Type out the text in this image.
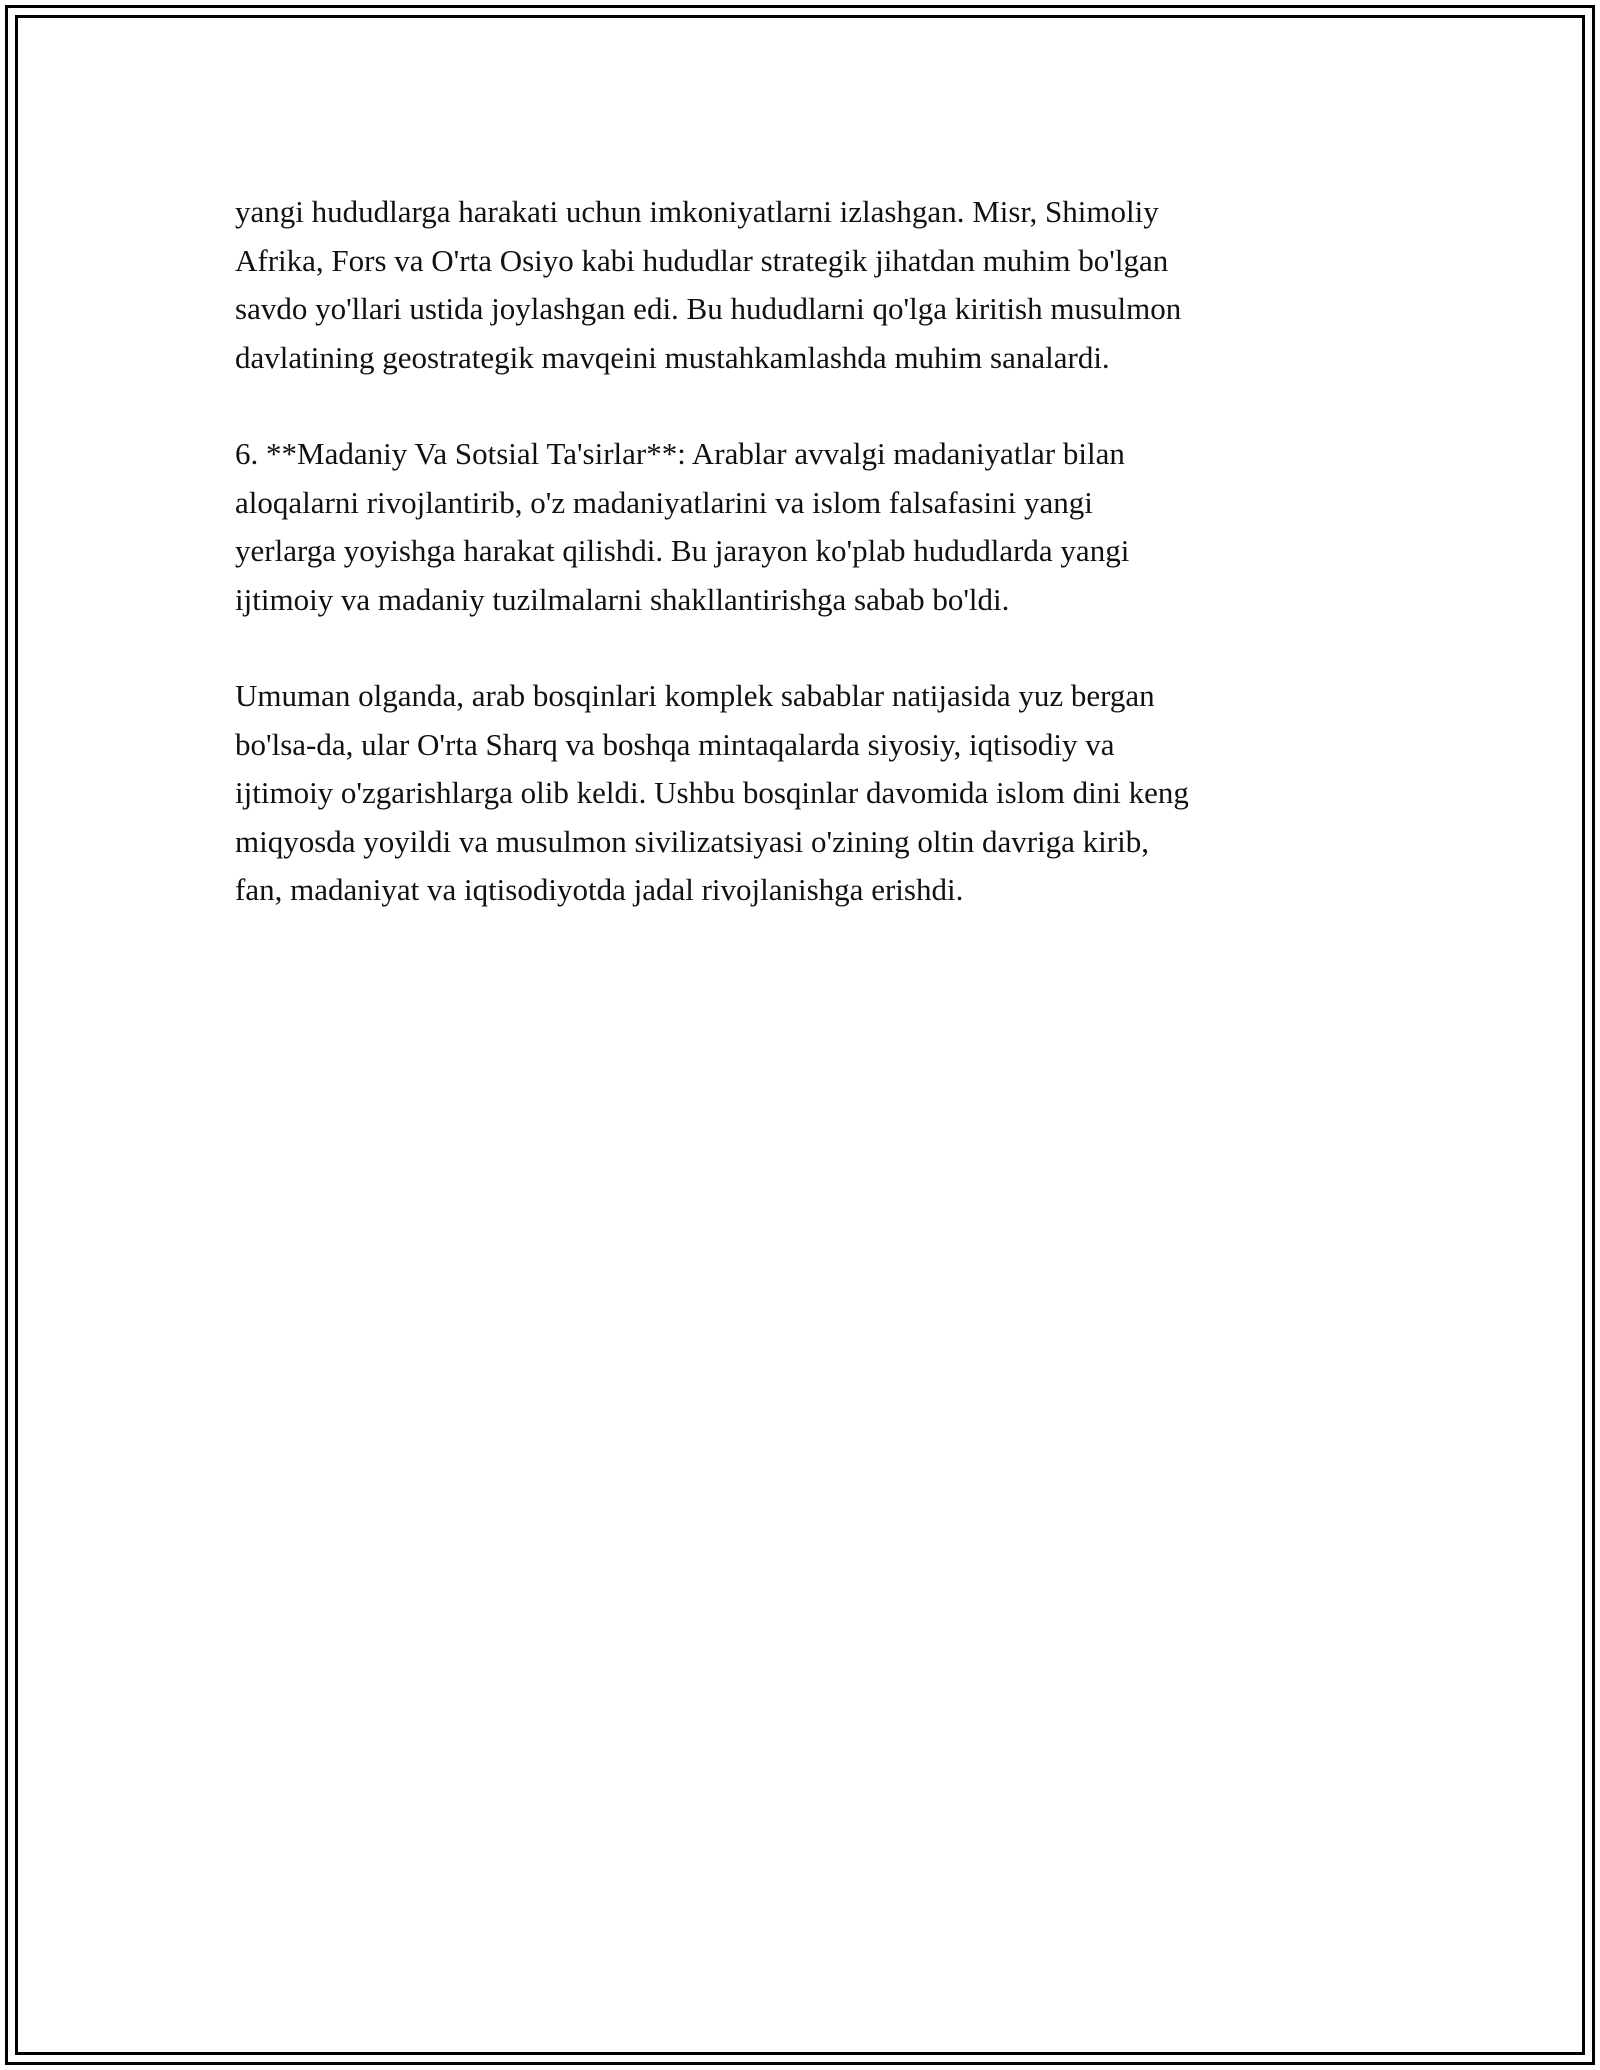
yangi hududlarga harakati uchun imkoniyatlarni izlashgan. Misr, Shimoliy
Afrika, Fors va O'rta Osiyo kabi hududlar strategik jihatdan muhim bo'lgan
savdo yo'llari ustida joylashgan edi. Bu hududlarni qo'lga kiritish musulmon
davlatining geostrategik mavqeini mustahkamlashda muhim sanalardi.

6. **Madaniy Va Sotsial Ta'sirlar**: Arablar avvalgi madaniyatlar bilan
aloqalarni rivojlantirib, o'z madaniyatlarini va islom falsafasini yangi
yerlarga yoyishga harakat qilishdi. Bu jarayon ko'plab hududlarda yangi
ijtimoiy va madaniy tuzilmalarni shakllantirishga sabab bo'ldi.

Umuman olganda, arab bosqinlari komplek sabablar natijasida yuz bergan
bo'lsa-da, ular O'rta Sharq va boshqa mintaqalarda siyosiy, iqtisodiy va
ijtimoiy o'zgarishlarga olib keldi. Ushbu bosqinlar davomida islom dini keng
miqyosda yoyildi va musulmon sivilizatsiyasi o'zining oltin davriga kirib,
fan, madaniyat va iqtisodiyotda jadal rivojlanishga erishdi.
